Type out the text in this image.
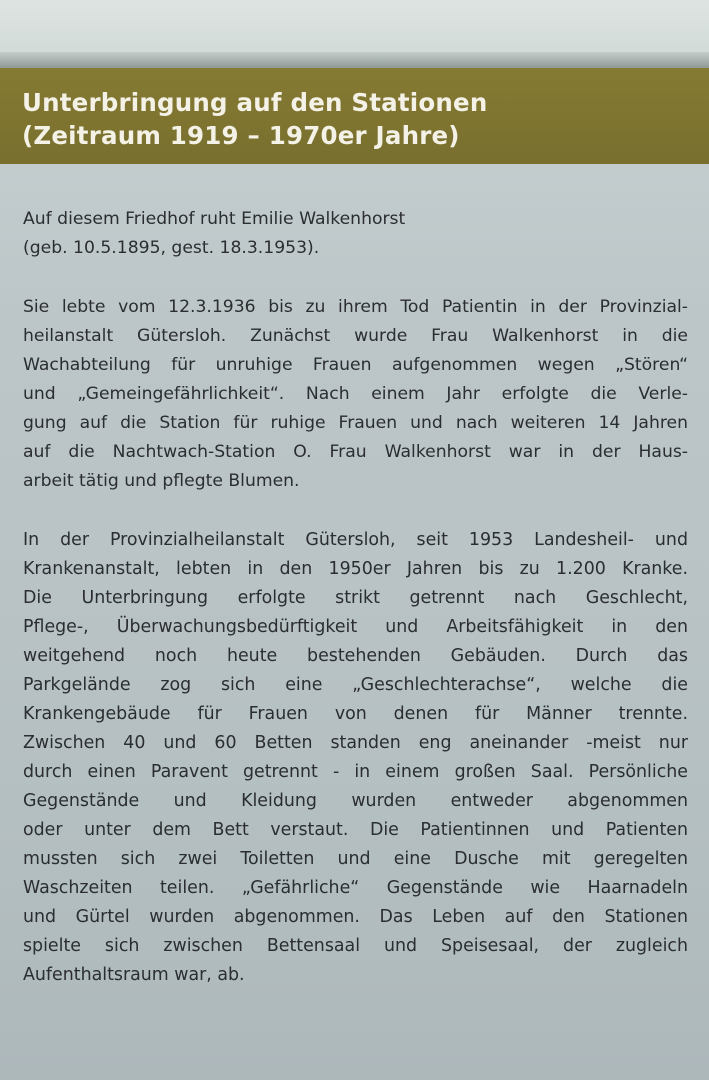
Unterbringung auf den Stationen
(Zeitraum 1919 – 1970er Jahre)
Auf diesem Friedhof ruht Emilie Walkenhorst
(geb. 10.5.1895, gest. 18.3.1953).
Sie lebte vom 12.3.1936 bis zu ihrem Tod Patientin in der Provinzial-
heilanstalt Gütersloh. Zunächst wurde Frau Walkenhorst in die
Wachabteilung für unruhige Frauen aufgenommen wegen „Stören“
und „Gemeingefährlichkeit“. Nach einem Jahr erfolgte die Verle-
gung auf die Station für ruhige Frauen und nach weiteren 14 Jahren
auf die Nachtwach-Station O. Frau Walkenhorst war in der Haus-
arbeit tätig und pflegte Blumen.
In der Provinzialheilanstalt Gütersloh, seit 1953 Landesheil- und
Krankenanstalt, lebten in den 1950er Jahren bis zu 1.200 Kranke.
Die Unterbringung erfolgte strikt getrennt nach Geschlecht,
Pflege-, Überwachungsbedürftigkeit und Arbeitsfähigkeit in den
weitgehend noch heute bestehenden Gebäuden. Durch das
Parkgelände zog sich eine „Geschlechterachse“, welche die
Krankengebäude für Frauen von denen für Männer trennte.
Zwischen 40 und 60 Betten standen eng aneinander -meist nur
durch einen Paravent getrennt - in einem großen Saal. Persönliche
Gegenstände und Kleidung wurden entweder abgenommen
oder unter dem Bett verstaut. Die Patientinnen und Patienten
mussten sich zwei Toiletten und eine Dusche mit geregelten
Waschzeiten teilen. „Gefährliche“ Gegenstände wie Haarnadeln
und Gürtel wurden abgenommen. Das Leben auf den Stationen
spielte sich zwischen Bettensaal und Speisesaal, der zugleich
Aufenthaltsraum war, ab.
